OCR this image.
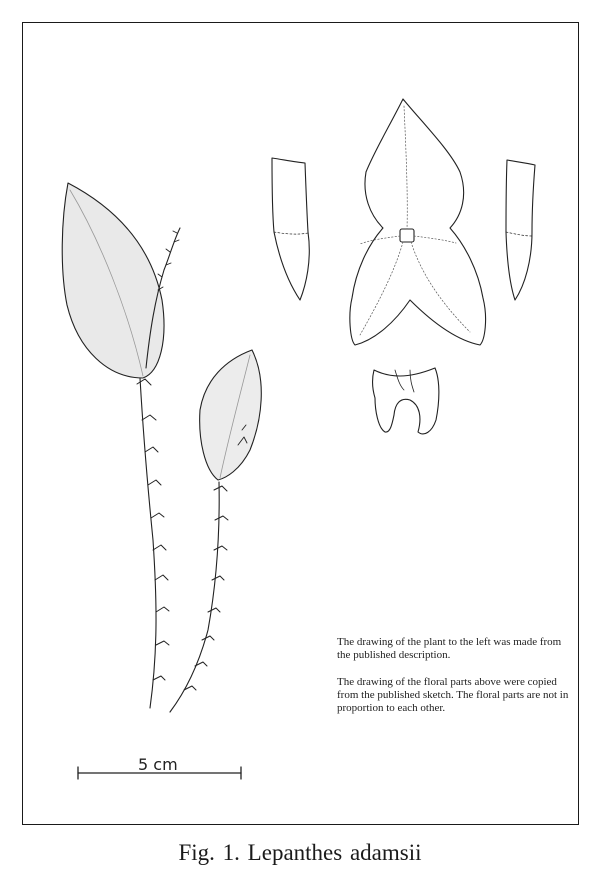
The drawing of the plant to the left was made from the published description.
The drawing of the floral parts above were copied from the published sketch. The floral parts are not in proportion to each other.
5 cm
Fig. 1. Lepanthes adamsii
